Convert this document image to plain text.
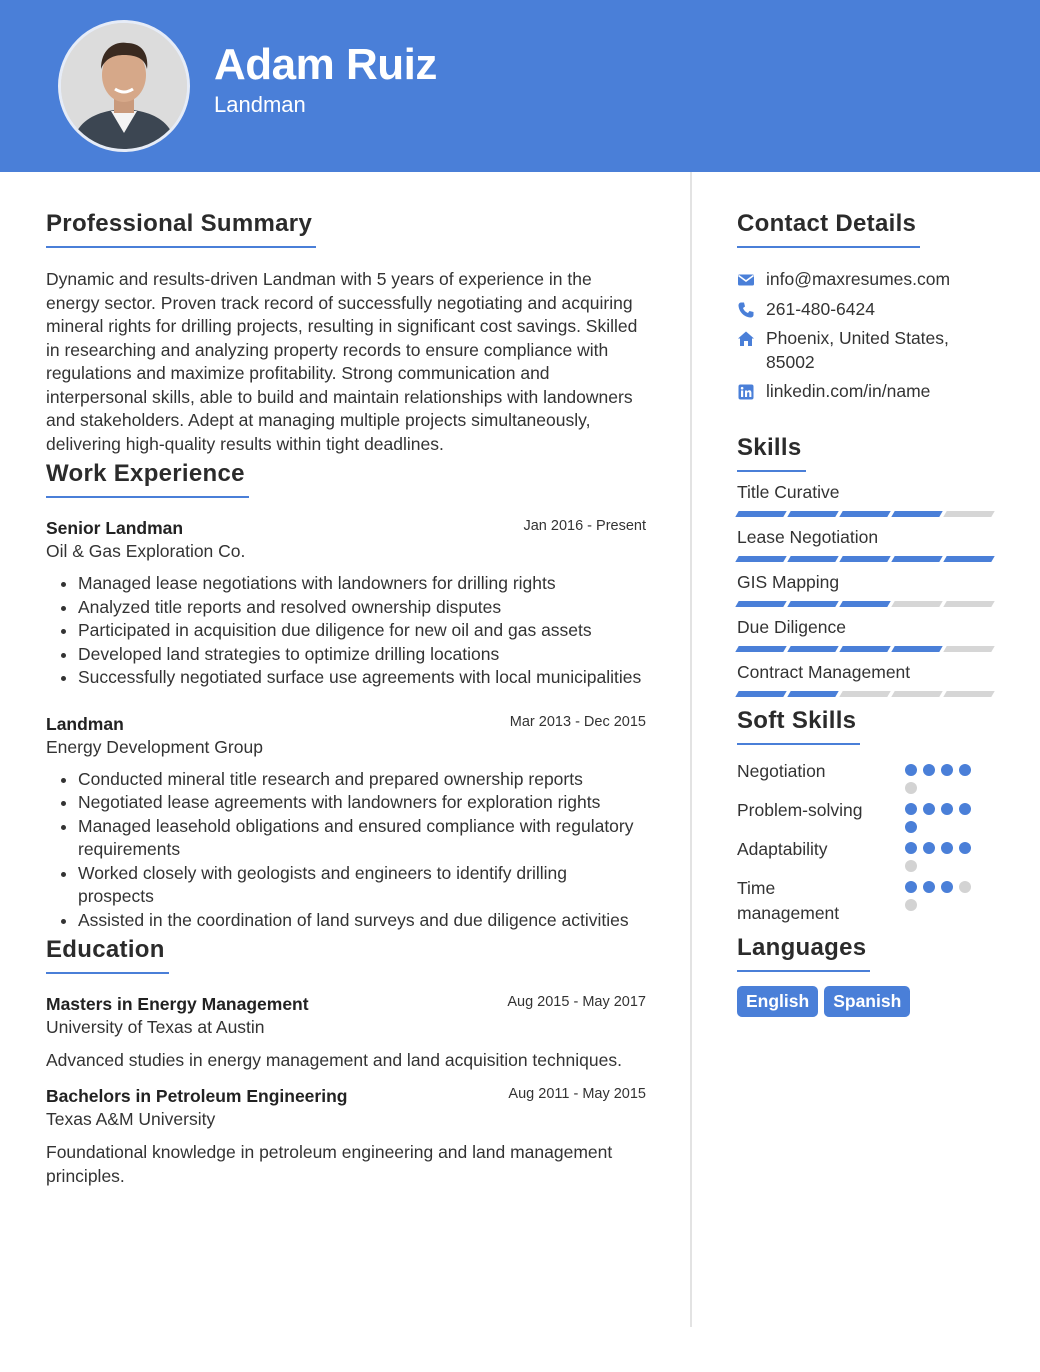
Adam Ruiz
Landman
Professional Summary

Dynamic and results-driven Landman with 5 years of experience in the energy sector. Proven track record of successfully negotiating and acquiring mineral rights for drilling projects, resulting in significant cost savings. Skilled in researching and analyzing property records to ensure compliance with regulations and maximize profitability. Strong communication and interpersonal skills, able to build and maintain relationships with landowners and stakeholders. Adept at managing multiple projects simultaneously, delivering high-quality results within tight deadlines.

Work Experience
Senior Landman	Jan 2016 - Present
Oil & Gas Exploration Co.
• Managed lease negotiations with landowners for drilling rights
• Analyzed title reports and resolved ownership disputes
• Participated in acquisition due diligence for new oil and gas assets
• Developed land strategies to optimize drilling locations
• Successfully negotiated surface use agreements with local municipalities
Landman	Mar 2013 - Dec 2015
Energy Development Group
• Conducted mineral title research and prepared ownership reports
• Negotiated lease agreements with landowners for exploration rights
• Managed leasehold obligations and ensured compliance with regulatory requirements
• Worked closely with geologists and engineers to identify drilling prospects
• Assisted in the coordination of land surveys and due diligence activities
Education
Masters in Energy Management	Aug 2015 - May 2017
University of Texas at Austin

Advanced studies in energy management and land acquisition techniques.

Bachelors in Petroleum Engineering	Aug 2011 - May 2015
Texas A&M University

Foundational knowledge in petroleum engineering and land management principles.

Contact Details
info@maxresumes.com
261-480-6424
Phoenix, United States, 85002
linkedin.com/in/name
Skills
Title Curative
Lease Negotiation
GIS Mapping
Due Diligence
Contract Management
Soft Skills
Negotiation
Problem-solving
Adaptability
Time management
Languages
English	Spanish
